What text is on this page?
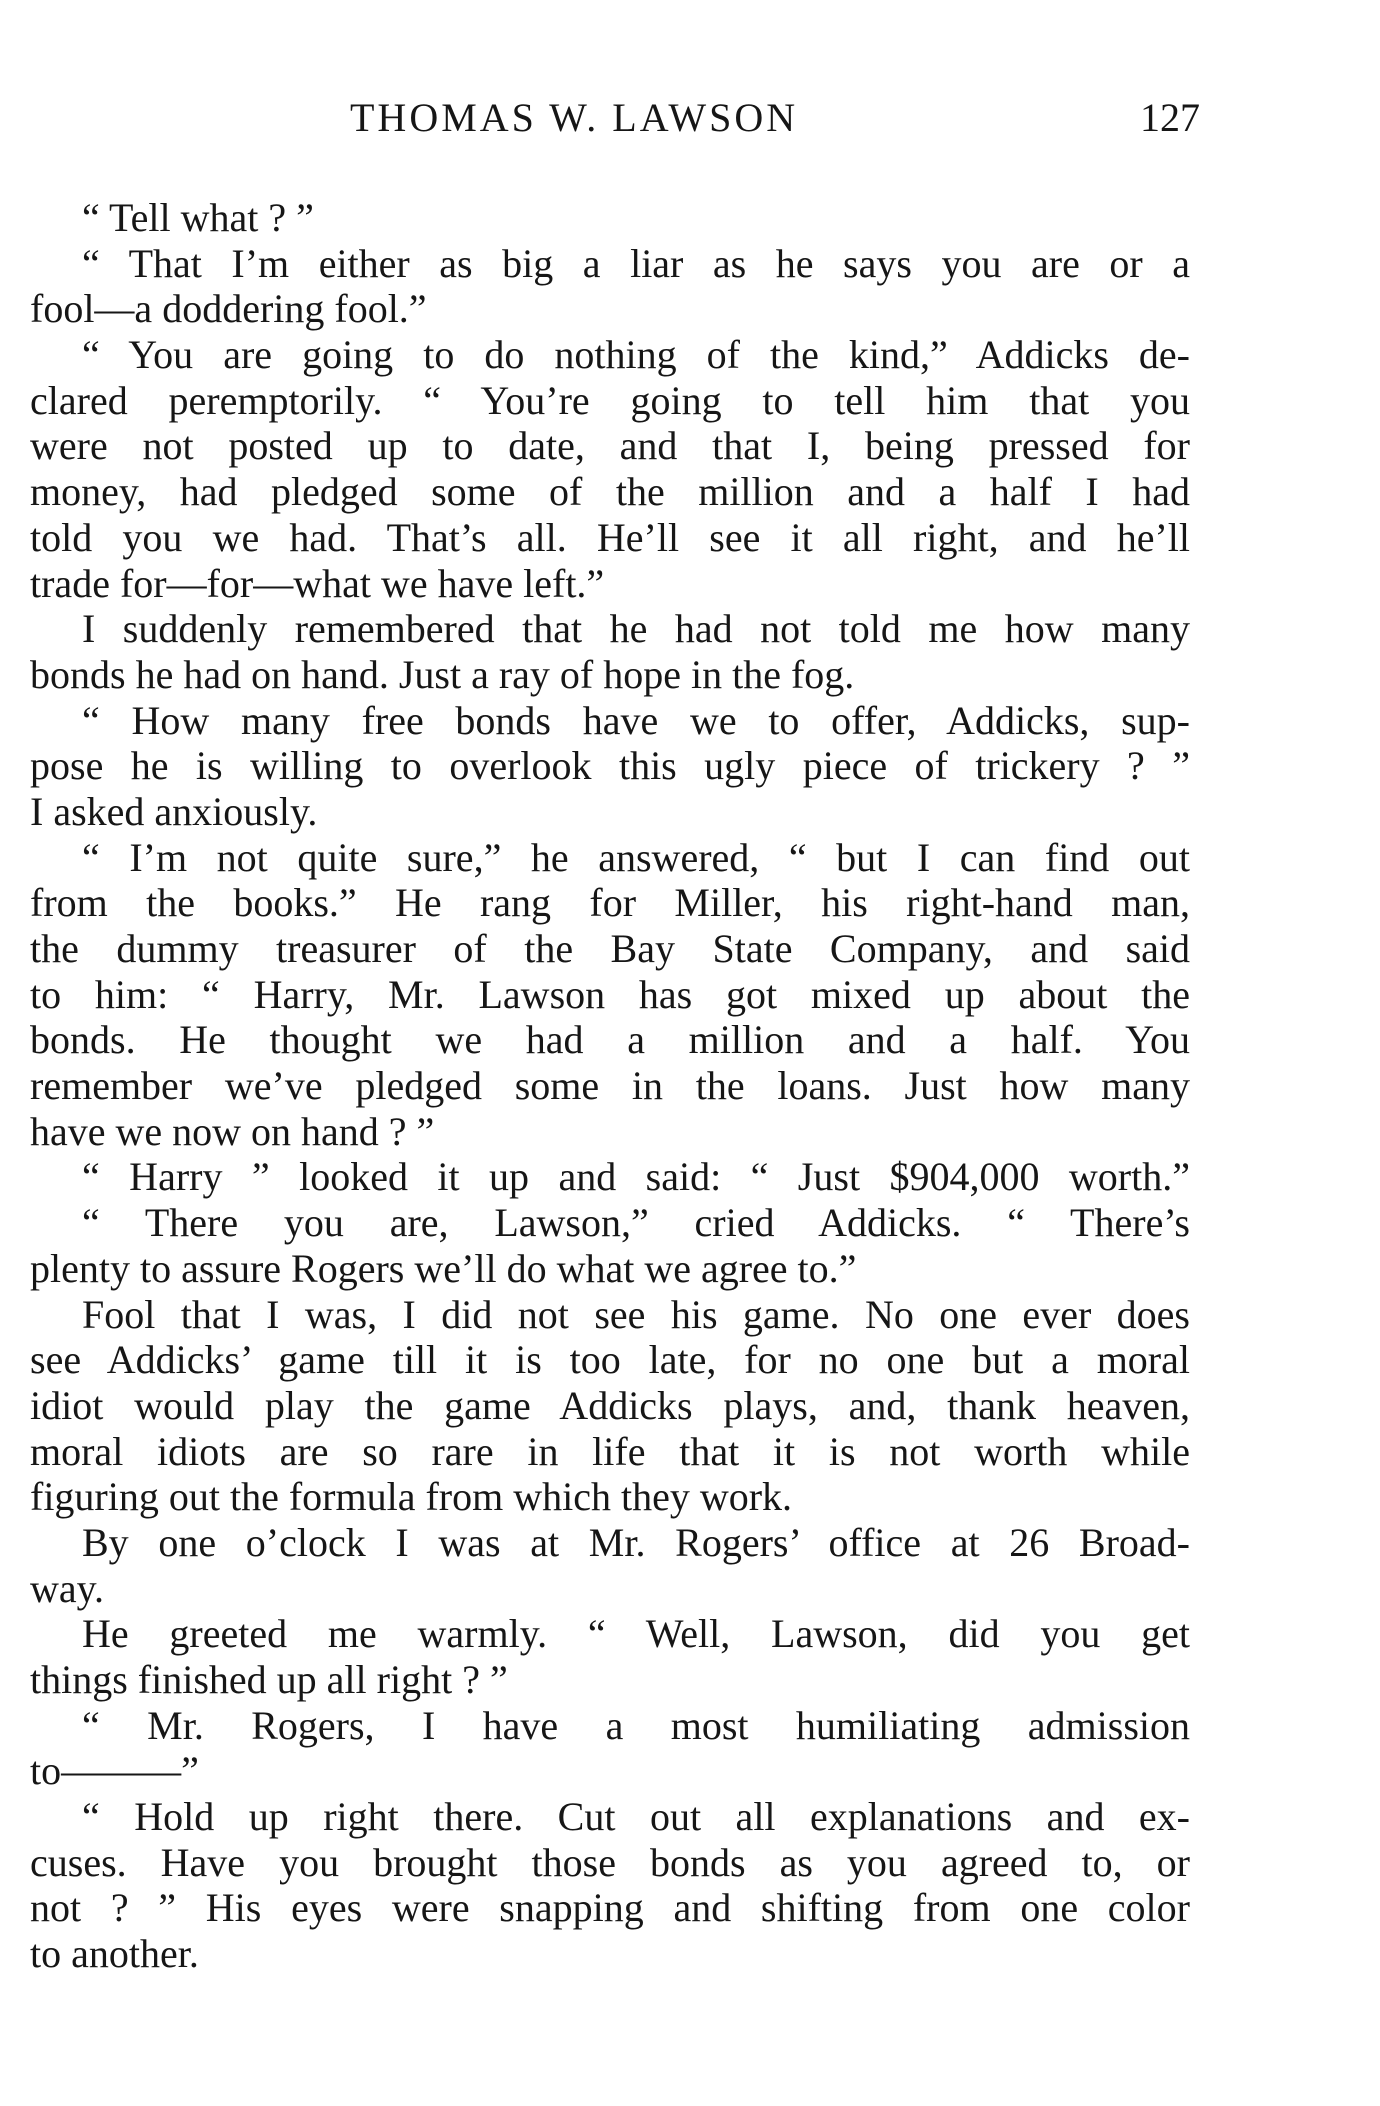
THOMAS W. LAWSON	127
“ Tell what ? ”
“ That I’m either as big a liar as he says you are or a
fool—a doddering fool.”
“ You are going to do nothing of the kind,” Addicks de-
clared peremptorily. “ You’re going to tell him that you
were not posted up to date, and that I, being pressed for
money, had pledged some of the million and a half I had
told you we had. That’s all. He’ll see it all right, and he’ll
trade for—for—what we have left.”
I suddenly remembered that he had not told me how many
bonds he had on hand. Just a ray of hope in the fog.
“ How many free bonds have we to offer, Addicks, sup-
pose he is willing to overlook this ugly piece of trickery ? ”
I asked anxiously.
“ I’m not quite sure,” he answered, “ but I can find out
from the books.” He rang for Miller, his right-hand man,
the dummy treasurer of the Bay State Company, and said
to him: “ Harry, Mr. Lawson has got mixed up about the
bonds. He thought we had a million and a half. You
remember we’ve pledged some in the loans. Just how many
have we now on hand ? ”
“ Harry ” looked it up and said: “ Just $904,000 worth.”
“ There you are, Lawson,” cried Addicks. “ There’s
plenty to assure Rogers we’ll do what we agree to.”
Fool that I was, I did not see his game. No one ever does
see Addicks’ game till it is too late, for no one but a moral
idiot would play the game Addicks plays, and, thank heaven,
moral idiots are so rare in life that it is not worth while
figuring out the formula from which they work.
By one o’clock I was at Mr. Rogers’ office at 26 Broad-
way.
He greeted me warmly. “ Well, Lawson, did you get
things finished up all right ? ”
“ Mr. Rogers, I have a most humiliating admission
to———”
“ Hold up right there. Cut out all explanations and ex-
cuses. Have you brought those bonds as you agreed to, or
not ? ” His eyes were snapping and shifting from one color
to another.
